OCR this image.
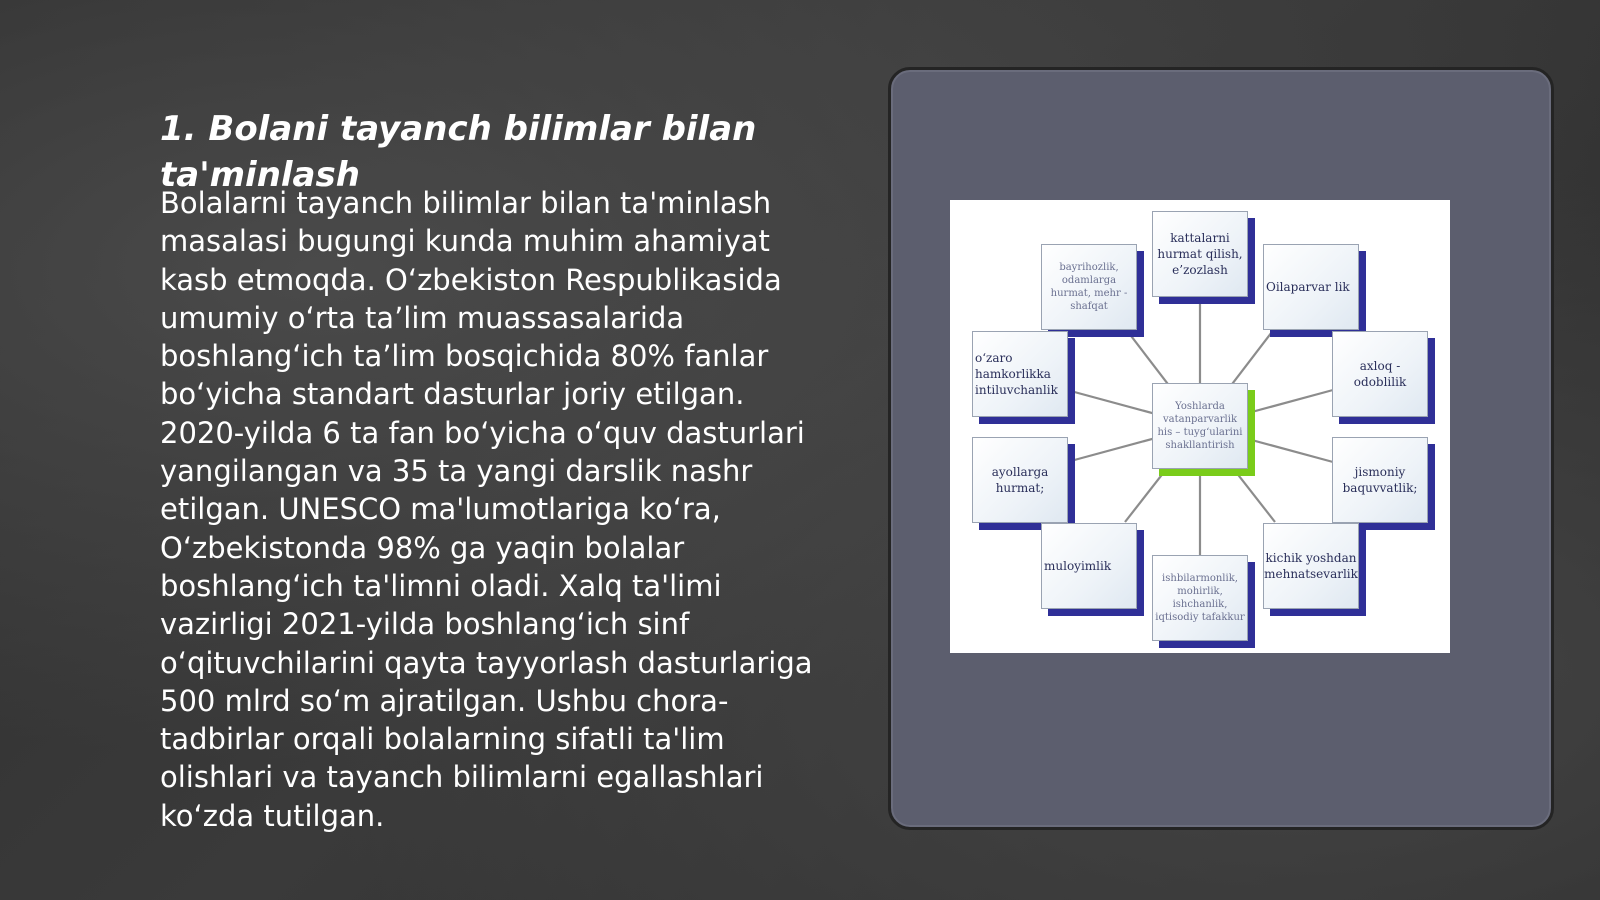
1. Bolani tayanch bilimlar bilan ta'minlash
Bolalarni tayanch bilimlar bilan ta'minlash masalasi bugungi kunda muhim ahamiyat kasb etmoqda. O‘zbekiston Respublikasida umumiy o‘rta ta’lim muassasalarida boshlang‘ich ta’lim bosqichida 80% fanlar bo‘yicha standart dasturlar joriy etilgan. 2020-yilda 6 ta fan bo‘yicha o‘quv dasturlari yangilangan va 35 ta yangi darslik nashr etilgan. UNESCO ma'lumotlariga ko‘ra, O‘zbekistonda 98% ga yaqin bolalar boshlang‘ich ta'limni oladi. Xalq ta'limi vazirligi 2021-yilda boshlang‘ich sinf o‘qituvchilarini qayta tayyorlash dasturlariga 500 mlrd so‘m ajratilgan. Ushbu chora-tadbirlar orqali bolalarning sifatli ta'lim olishlari va tayanch bilimlarni egallashlari ko‘zda tutilgan.
kattalarni hurmat qilish, e’zozlash
bayrihozlik, odamlarga hurmat, mehr - shafqat
Oilaparvar lik
o‘zaro hamkorlikka intiluvchanlik
axloq - odoblilik
Yoshlarda vatanparvarlik his – tuyg‘ularini shakllantirish
ayollarga hurmat;
jismoniy baquvvatlik;
muloyimlik
kichik yoshdan mehnatsevarlik
ishbilarmonlik, mohirlik, ishchanlik, iqtisodiy tafakkur
